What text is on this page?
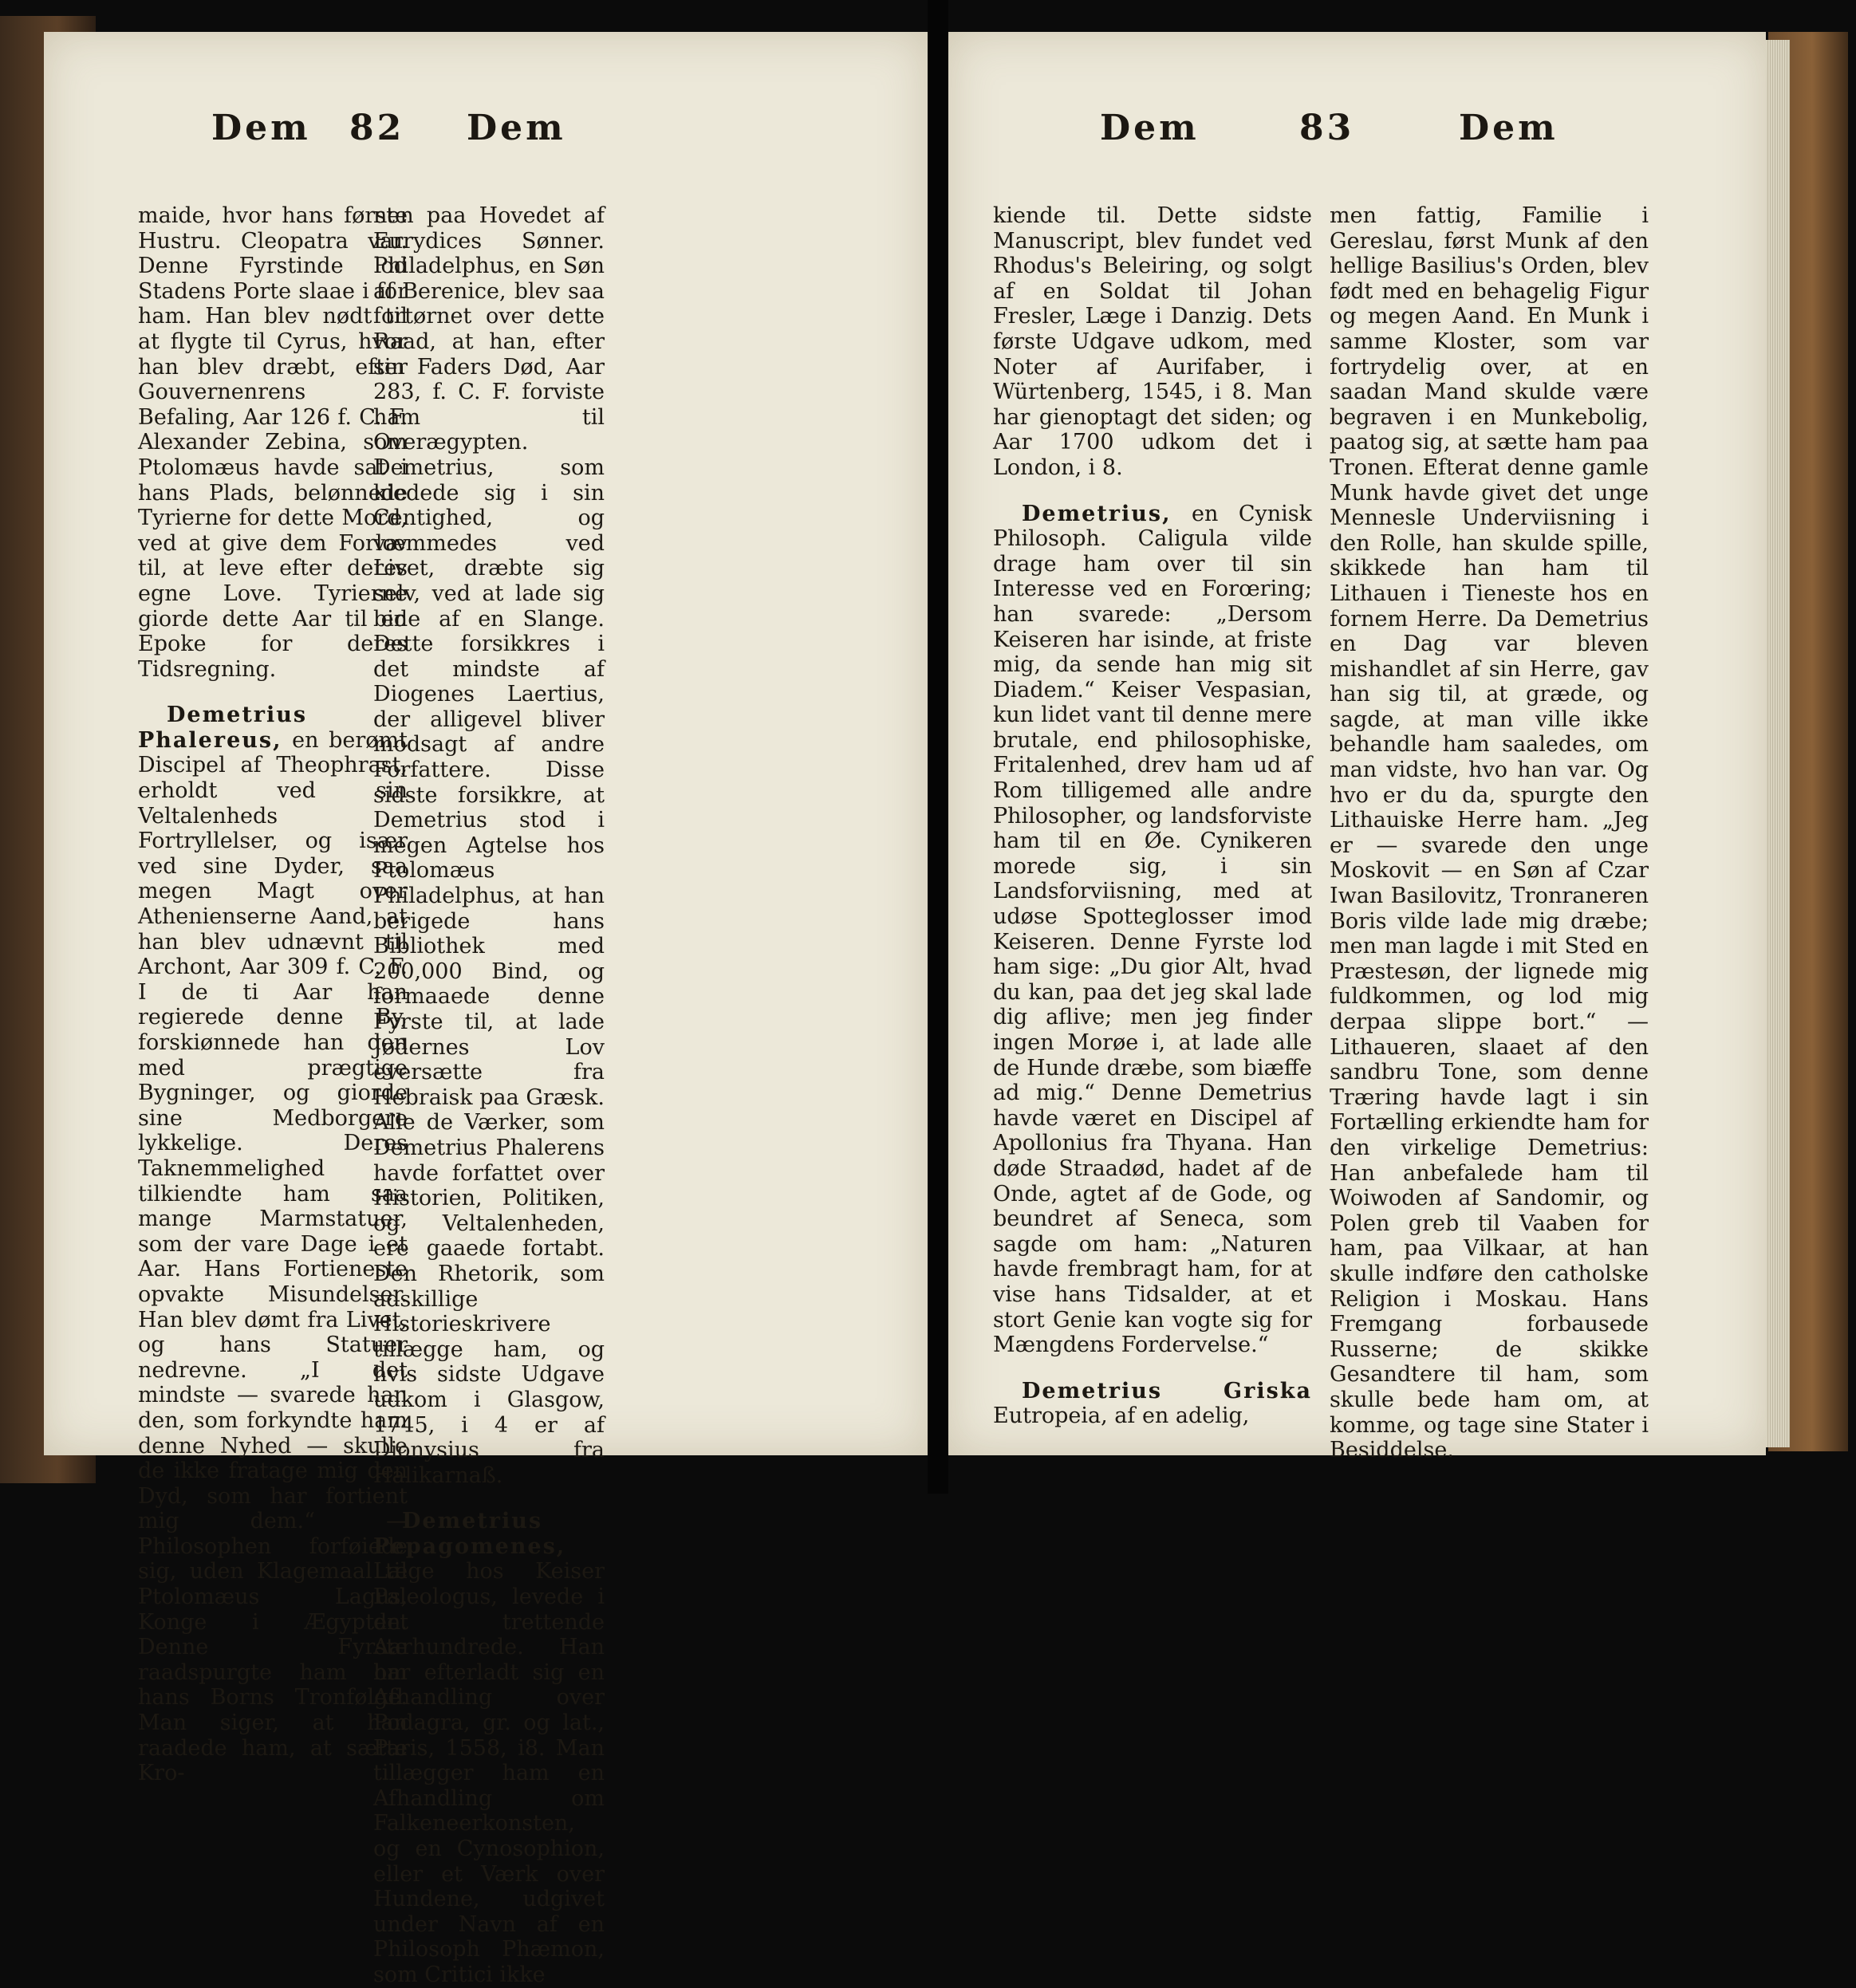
Dem 82 Dem

maide, hvor hans første Hustru. Cleopatra var. Denne Fyrstinde lod Stadens Porte slaae i for ham. Han blev nødt til at flygte til Cyrus, hvor han blev dræbt, efter Gouvernenrens Befaling, Aar 126 f. C. F. Alexander Zebina, som Ptolomæus havde sat i hans Plads, belønnede Tyrierne for dette Mord, ved at give dem Forlov til, at leve efter deres egne Love. Tyrierne giorde dette Aar til en Epoke for deres Tidsregning.

Demetrius Phalereus, en berømt Discipel af Theophrast, erholdt ved sin Veltalenheds Fortryllelser, og især ved sine Dyder, saa megen Magt over Athenienserne Aand, at han blev udnævnt til Archont, Aar 309 f. C. F. I de ti Aar han regierede denne By, forskiønnede han den med prægtige Bygninger, og giorde sine Medborgere lykkelige. Deres Taknemmelighed tilkiendte ham saa mange Marmstatuer, som der vare Dage i et Aar. Hans Fortieneste opvakte Misundelser. Han blev dømt fra Livet, og hans Statuer nedrevne. „I det mindste — svarede han den, som forkyndte ham denne Nyhed — skulle de ikke fratage mig den Dyd, som har fortient mig dem.“ — Philosophen forføiede sig, uden Klagemaal til Ptolomæus Lagus, Konge i Ægypten. Denne Fyrste raadspurgte ham om hans Borns Tronfølge. Man siger, at han raadede ham, at sætte Kro-

nen paa Hovedet af Eurydices Sønner. Philadelphus, en Søn af Berenice, blev saa fortørnet over dette Raad, at han, efter sin Faders Død, Aar 283, f. C. F. forviste ham til Overægypten. Demetrius, som kiedede sig i sin Centighed, og væmmedes ved Livet, dræbte sig selv, ved at lade sig bide af en Slange. Dette forsikkres i det mindste af Diogenes Laertius, der alligevel bliver modsagt af andre Forfattere. Disse sidste forsikkre, at Demetrius stod i megen Agtelse hos Ptolomæus Philadelphus, at han berigede hans Bibliothek med 200,000 Bind, og formaaede denne Fyrste til, at lade Jødernes Lov eversætte fra Hebraisk paa Græsk. Alle de Værker, som Demetrius Phalerens havde forfattet over Historien, Politiken, og Veltalenheden, ere gaaede fortabt. Den Rhetorik, som adskillige Historieskrivere tillægge ham, og hvis sidste Udgave udkom i Glasgow, 1745, i 4 er af Dionysius fra Halikarnaß.

Demetrius Pepagomenes, Læge hos Keiser Paleologus, levede i det trettende Aarhundrede. Han har efterladt sig en Afhandling over Podagra, gr. og lat., Paris, 1558, i8. Man tillægger ham en Afhandling om Falkeneerkonsten, og en Cynosophion, eller et Værk over Hundene, udgivet under Navn af en Philosoph Phæmon, som Critici ikke

Dem	83	Dem

kiende til. Dette sidste Manuscript, blev fundet ved Rhodus's Beleiring, og solgt af en Soldat til Johan Fresler, Læge i Danzig. Dets første Udgave udkom, med Noter af Aurifaber, i Würtenberg, 1545, i 8. Man har gienoptagt det siden; og Aar 1700 udkom det i London, i 8.

Demetrius, en Cynisk Philosoph. Caligula vilde drage ham over til sin Interesse ved en Forœring; han svarede: „Dersom Keiseren har isinde, at friste mig, da sende han mig sit Diadem.“ Keiser Vespasian, kun lidet vant til denne mere brutale, end philosophiske, Fritalenhed, drev ham ud af Rom tilligemed alle andre Philosopher, og landsforviste ham til en Øe. Cynikeren morede sig, i sin Landsforviisning, med at udøse Spotteglosser imod Keiseren. Denne Fyrste lod ham sige: „Du gior Alt, hvad du kan, paa det jeg skal lade dig aflive; men jeg finder ingen Morøe i, at lade alle de Hunde dræbe, som biæffe ad mig.“ Denne Demetrius havde været en Discipel af Apollonius fra Thyana. Han døde Straadød, hadet af de Onde, agtet af de Gode, og beundret af Seneca, som sagde om ham: „Naturen havde frembragt ham, for at vise hans Tidsalder, at et stort Genie kan vogte sig for Mængdens Fordervelse.“

Demetrius Griska Eutropeia, af en adelig,

men fattig, Familie i Gereslau, først Munk af den hellige Basilius's Orden, blev født med en behagelig Figur og megen Aand. En Munk i samme Kloster, som var fortrydelig over, at en saadan Mand skulde være begraven i en Munkebolig, paatog sig, at sætte ham paa Tronen. Efterat denne gamle Munk havde givet det unge Mennesle Underviisning i den Rolle, han skulde spille, skikkede han ham til Lithauen i Tieneste hos en fornem Herre. Da Demetrius en Dag var bleven mishandlet af sin Herre, gav han sig til, at græde, og sagde, at man ville ikke behandle ham saaledes, om man vidste, hvo han var. Og hvo er du da, spurgte den Lithauiske Herre ham. „Jeg er — svarede den unge Moskovit — en Søn af Czar Iwan Basilovitz, Tronraneren Boris vilde lade mig dræbe; men man lagde i mit Sted en Præstesøn, der lignede mig fuldkommen, og lod mig derpaa slippe bort.“ — Lithaueren, slaaet af den sandbru Tone, som denne Træring havde lagt i sin Fortælling erkiendte ham for den virkelige Demetrius: Han anbefalede ham til Woiwoden af Sandomir, og Polen greb til Vaaben for ham, paa Vilkaar, at han skulle indføre den catholske Religion i Moskau. Hans Fremgang forbausede Russerne; de skikke Gesandtere til ham, som skulle bede ham om, at komme, og tage sine Stater i Besiddelse.
